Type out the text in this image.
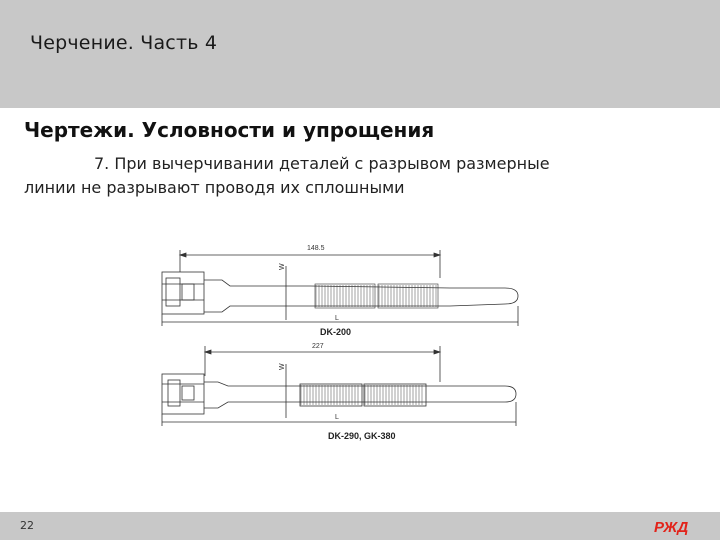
Черчение. Часть 4
Чертежи. Условности и упрощения
7. При вычерчивании деталей с разрывом размерные
линии не разрывают проводя их сплошными
148.5
W
L
DK-200
227
W
L
DK-290, GK-380
22	РЖД
